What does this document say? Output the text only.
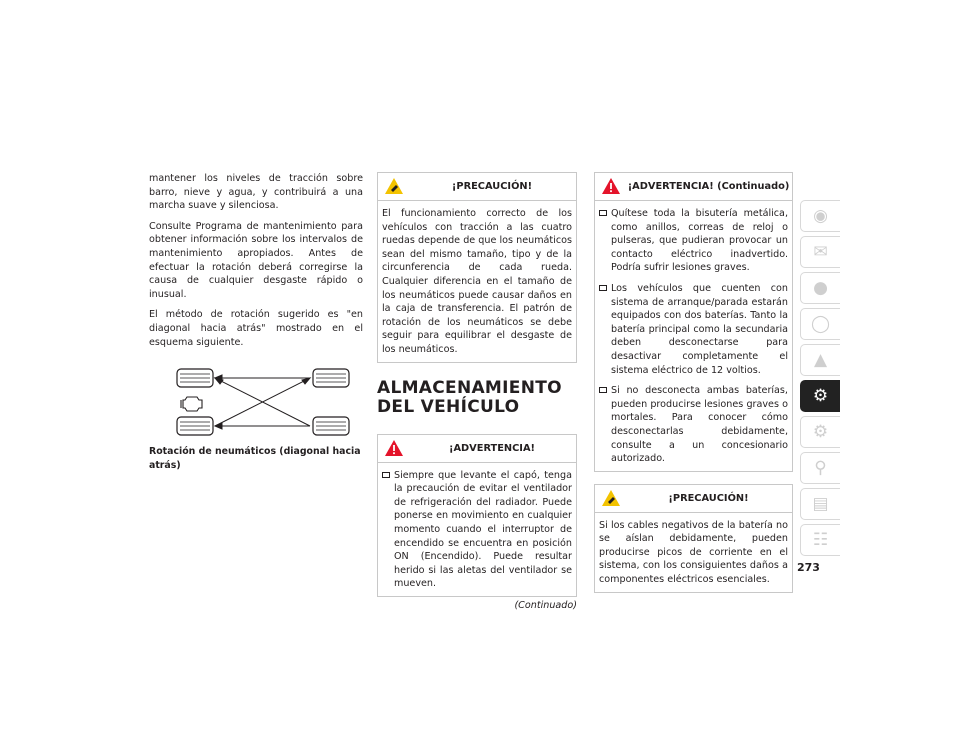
mantener los niveles de tracción sobre barro, nieve y agua, y contribuirá a una marcha suave y silenciosa.

Consulte Programa de mantenimiento para obtener información sobre los intervalos de mantenimiento apropiados. Antes de efectuar la rotación deberá corregirse la causa de cualquier desgaste rápido o inusual.

El método de rotación sugerido es "en diagonal hacia atrás" mostrado en el esquema siguiente.

Rotación de neumáticos (diagonal hacia atrás)
¡PRECAUCIÓN!

El funcionamiento correcto de los vehículos con tracción a las cuatro ruedas depende de que los neumáticos sean del mismo tamaño, tipo y de la circunferencia de cada rueda. Cualquier diferencia en el tamaño de los neumáticos puede causar daños en la caja de transferencia. El patrón de rotación de los neumáticos se debe seguir para equilibrar el desgaste de los neumáticos.

ALMACENAMIENTO DEL VEHÍCULO
¡ADVERTENCIA!
Siempre que levante el capó, tenga la precaución de evitar el ventilador de refrigeración del radiador. Puede ponerse en movimiento en cualquier momento cuando el interruptor de encendido se encuentra en posición ON (Encendido). Puede resultar herido si las aletas del ventilador se mueven.
(Continuado)
¡ADVERTENCIA! (Continuado)
Quítese toda la bisutería metálica, como anillos, correas de reloj o pulseras, que pudieran provocar un contacto eléctrico inadvertido. Podría sufrir lesiones graves.
Los vehículos que cuenten con sistema de arranque/parada estarán equipados con dos baterías. Tanto la batería principal como la secundaria deben desconectarse para desactivar completamente el sistema eléctrico de 12 voltios.
Si no desconecta ambas baterías, pueden producirse lesiones graves o mortales. Para conocer cómo desconectarlas debidamente, consulte a un concesionario autorizado.
¡PRECAUCIÓN!

Si los cables negativos de la batería no se aíslan debidamente, pueden producirse picos de corriente en el sistema, con los consiguientes daños a componentes eléctricos esenciales.

◉
✉
●
◯
▲
⚙
⚙
⚲
▤
☷
273
